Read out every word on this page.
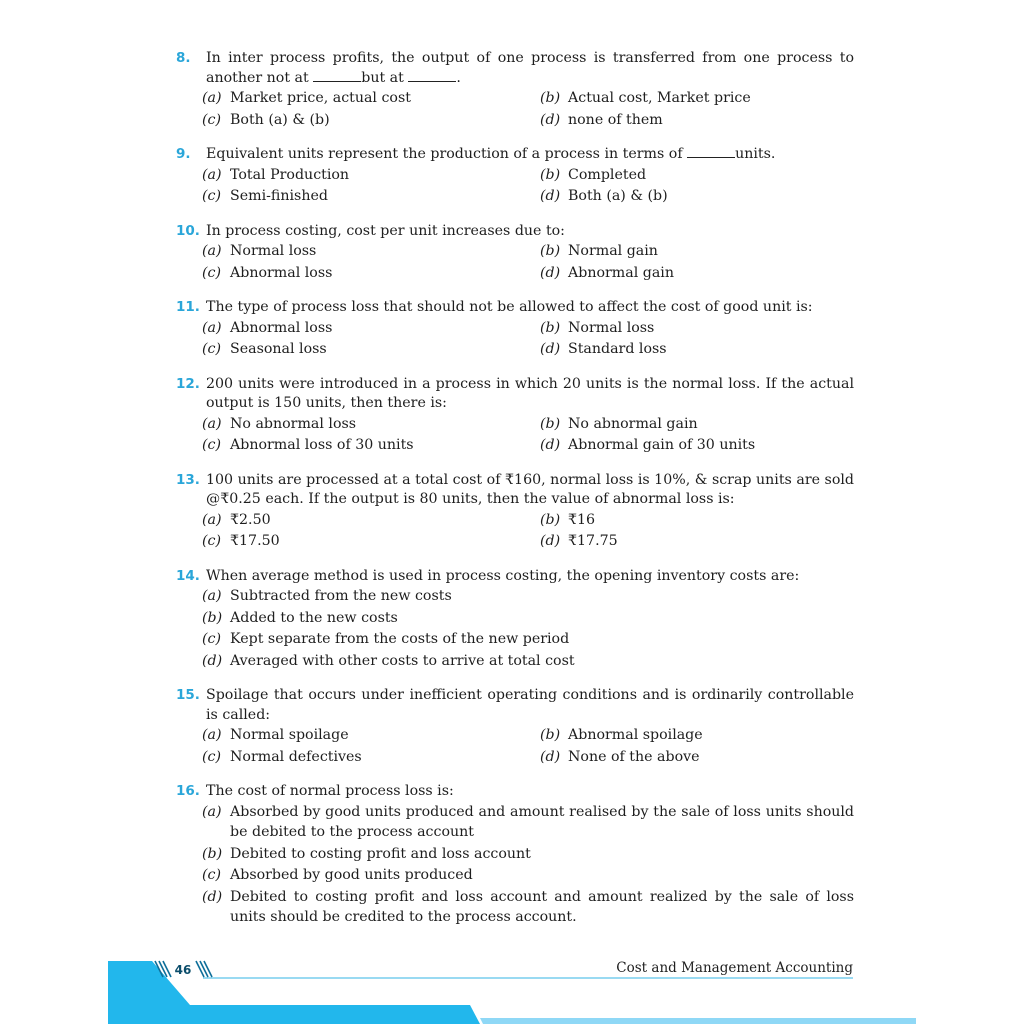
8.	In inter process profits, the output of one process is transferred from one process to another not at	but at	.
(a) Market price, actual cost	(b) Actual cost, Market price
(c) Both (a) & (b)	(d) none of them
9.	Equivalent units represent the production of a process in terms of	units.
(a) Total Production	(b) Completed
(c) Semi-finished	(d) Both (a) & (b)
10. In process costing, cost per unit increases due to:
(a) Normal loss	(b) Normal gain
(c) Abnormal loss	(d) Abnormal gain
11. The type of process loss that should not be allowed to affect the cost of good unit is:
(a) Abnormal loss	(b) Normal loss
(c) Seasonal loss	(d) Standard loss
12. 200 units were introduced in a process in which 20 units is the normal loss. If the actual output is 150 units, then there is:
(a) No abnormal loss	(b) No abnormal gain
(c) Abnormal loss of 30 units	(d) Abnormal gain of 30 units
13. 100 units are processed at a total cost of ₹160, normal loss is 10%, & scrap units are sold @₹0.25 each. If the output is 80 units, then the value of abnormal loss is:
(a) ₹2.50	(b) ₹16
(c) ₹17.50	(d) ₹17.75
14. When average method is used in process costing, the opening inventory costs are:
(a) Subtracted from the new costs
(b) Added to the new costs
(c) Kept separate from the costs of the new period
(d) Averaged with other costs to arrive at total cost
15. Spoilage that occurs under inefficient operating conditions and is ordinarily controllable is called:
(a) Normal spoilage	(b) Abnormal spoilage
(c) Normal defectives	(d) None of the above
16. The cost of normal process loss is:
(a) Absorbed by good units produced and amount realised by the sale of loss units should be debited to the process account
(b) Debited to costing profit and loss account
(c) Absorbed by good units produced
(d) Debited to costing profit and loss account and amount realized by the sale of loss units should be credited to the process account.
46	Cost and Management Accounting
